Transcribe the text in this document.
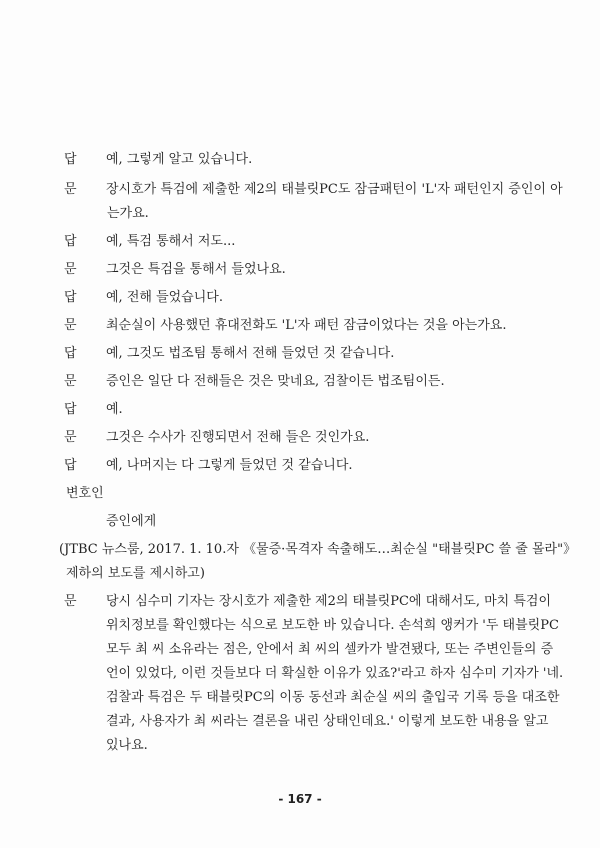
답 예, 그렇게 알고 있습니다.
문 장시호가 특검에 제출한 제2의 태블릿PC도 잠금패턴이 'L'자 패턴인지 증인이 아
는가요.
답 예, 특검 통해서 저도...
문 그것은 특검을 통해서 들었나요.
답 예, 전해 들었습니다.
문 최순실이 사용했던 휴대전화도 'L'자 패턴 잠금이었다는 것을 아는가요.
답 예, 그것도 법조팀 통해서 전해 들었던 것 같습니다.
문 증인은 일단 다 전해들은 것은 맞네요, 검찰이든 법조팀이든.
답 예.
문 그것은 수사가 진행되면서 전해 들은 것인가요.
답 예, 나머지는 다 그렇게 들었던 것 같습니다.
변호인
증인에게
(JTBC 뉴스룸, 2017. 1. 10.자 《물증·목격자 속출해도…최순실 "태블릿PC 쓸 줄 몰라"》
제하의 보도를 제시하고)
문 당시 심수미 기자는 장시호가 제출한 제2의 태블릿PC에 대해서도, 마치 특검이
위치정보를 확인했다는 식으로 보도한 바 있습니다. 손석희 앵커가 '두 태블릿PC
모두 최 씨 소유라는 점은, 안에서 최 씨의 셀카가 발견됐다, 또는 주변인들의 증
언이 있었다, 이런 것들보다 더 확실한 이유가 있죠?'라고 하자 심수미 기자가 '네.
검찰과 특검은 두 태블릿PC의 이동 동선과 최순실 씨의 출입국 기록 등을 대조한
결과, 사용자가 최 씨라는 결론을 내린 상태인데요.' 이렇게 보도한 내용을 알고
있나요.
- 167 -
